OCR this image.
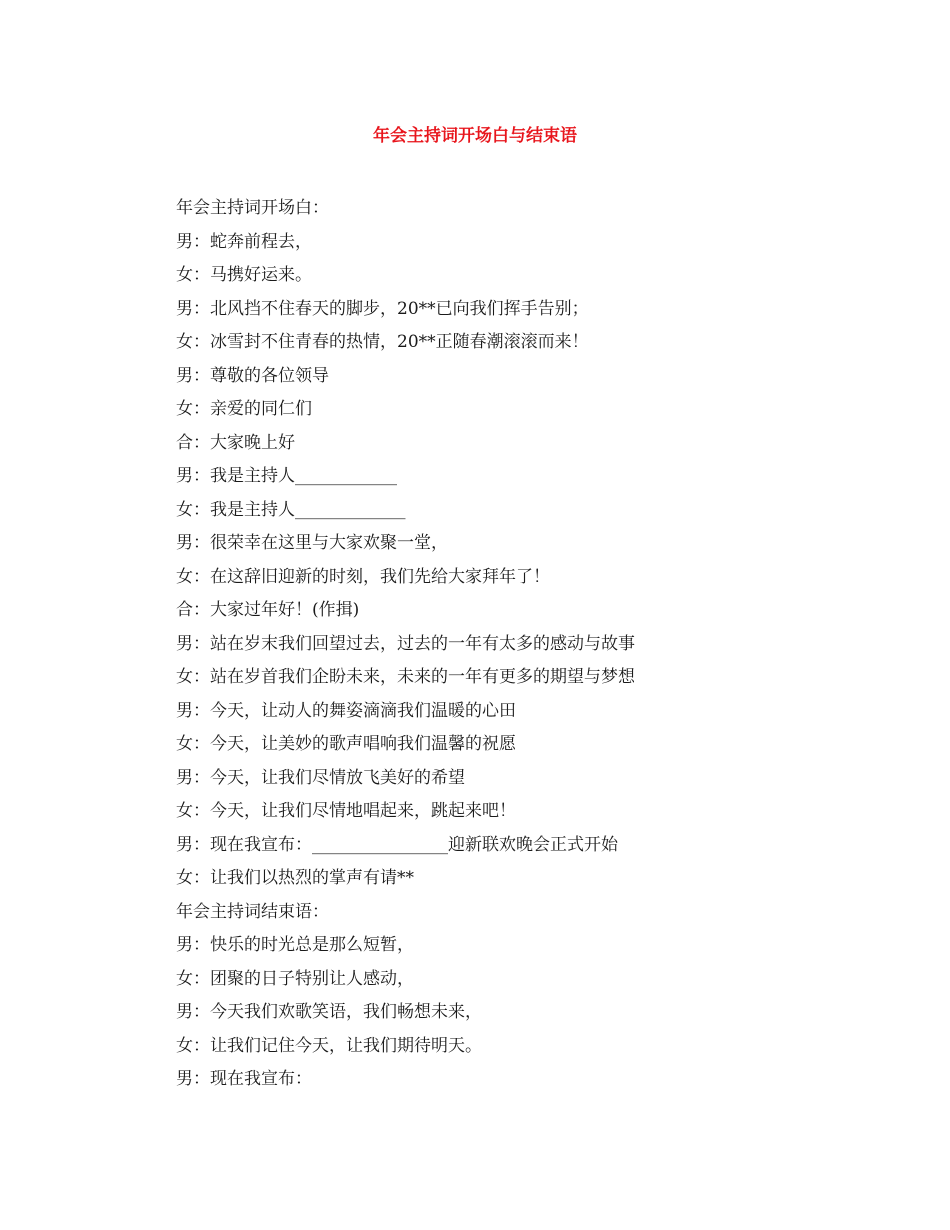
年会主持词开场白与结束语
年会主持词开场白：
男：蛇奔前程去，
女：马携好运来。
男：北风挡不住春天的脚步，20**已向我们挥手告别；
女：冰雪封不住青春的热情，20**正随春潮滚滚而来！
男：尊敬的各位领导
女：亲爱的同仁们
合：大家晚上好
男：我是主持人____________
女：我是主持人_____________
男：很荣幸在这里与大家欢聚一堂，
女：在这辞旧迎新的时刻，我们先给大家拜年了！
合：大家过年好！(作揖)
男：站在岁末我们回望过去，过去的一年有太多的感动与故事
女：站在岁首我们企盼未来，未来的一年有更多的期望与梦想
男：今天，让动人的舞姿滴滴我们温暖的心田
女：今天，让美妙的歌声唱响我们温馨的祝愿
男：今天，让我们尽情放飞美好的希望
女：今天，让我们尽情地唱起来，跳起来吧！
男：现在我宣布：________________迎新联欢晚会正式开始
女：让我们以热烈的掌声有请**
年会主持词结束语：
男：快乐的时光总是那么短暂，
女：团聚的日子特别让人感动，
男：今天我们欢歌笑语，我们畅想未来，
女：让我们记住今天，让我们期待明天。
男：现在我宣布：
